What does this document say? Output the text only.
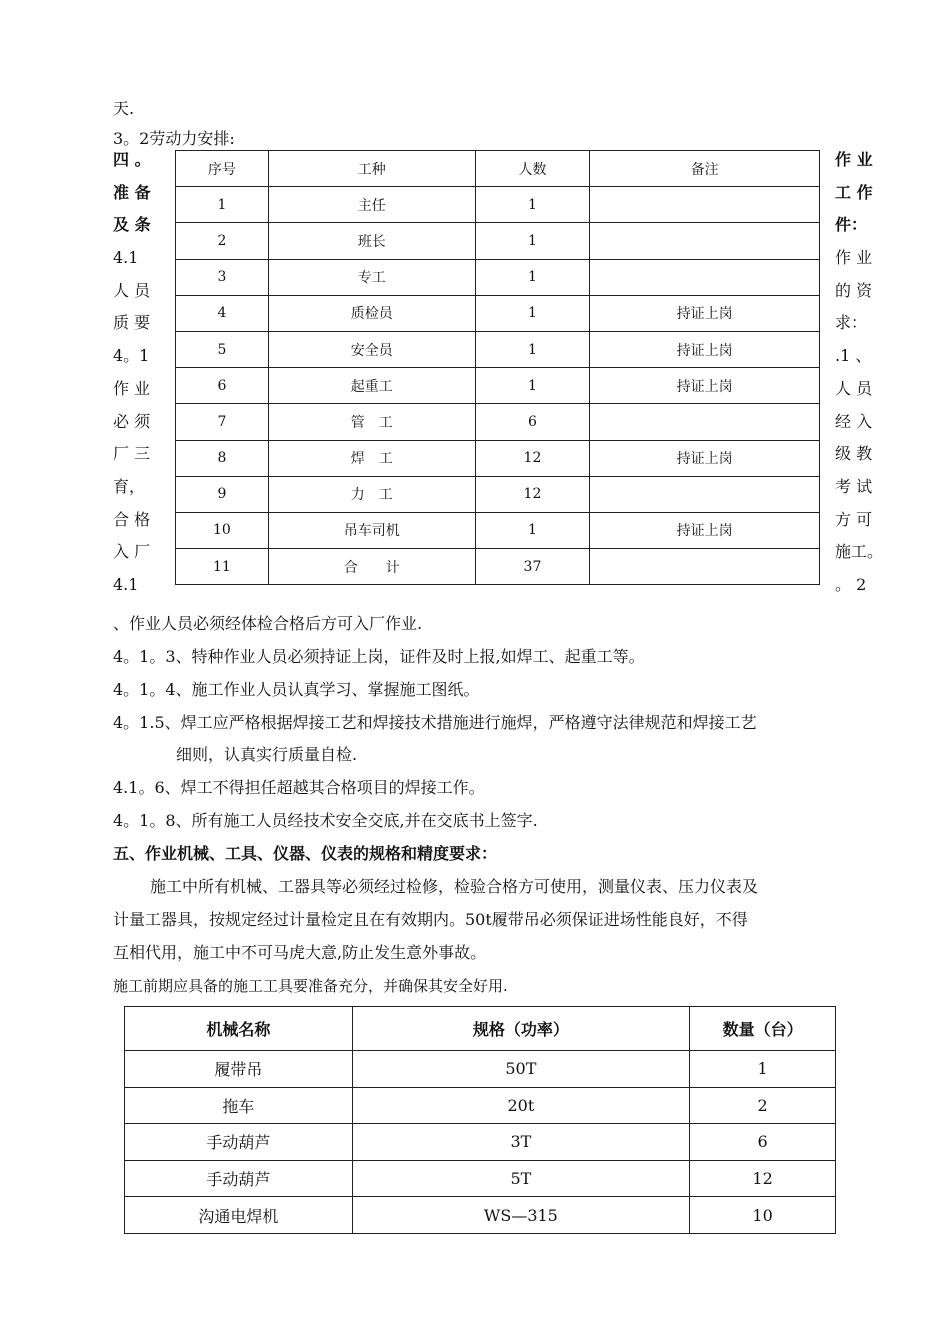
天.
3。2劳动力安排:
四 。
准 备
及 条
4.1
人 员
质 要
4。1
作 业
必 须
厂 三
育，
合 格
入 厂
4.1
作 业
工 作
件：
作 业
的 资
求：
.1 、
人 员
经 入
级 教
考 试
方 可
施工。
。 2
序号	工种	人数	备注
1	主任	1	
2	班长	1	
3	专工	1	
4	质检员	1	持证上岗
5	安全员	1	持证上岗
6	起重工	1	持证上岗
7	管　工	6	
8	焊　工	12	持证上岗
9	力　工	12	
10	吊车司机	1	持证上岗
11	合　　计	37	
、作业人员必须经体检合格后方可入厂作业.
4。1。3、特种作业人员必须持证上岗，证件及时上报,如焊工、起重工等。
4。1。4、施工作业人员认真学习、掌握施工图纸。
4。1.5、焊工应严格根据焊接工艺和焊接技术措施进行施焊，严格遵守法律规范和焊接工艺
细则，认真实行质量自检.
4.1。6、焊工不得担任超越其合格项目的焊接工作。
4。1。8、所有施工人员经技术安全交底,并在交底书上签字.
五、作业机械、工具、仪器、仪表的规格和精度要求：
施工中所有机械、工器具等必须经过检修，检验合格方可使用，测量仪表、压力仪表及
计量工器具，按规定经过计量检定且在有效期内。50t履带吊必须保证进场性能良好，不得
互相代用，施工中不可马虎大意,防止发生意外事故。
施工前期应具备的施工工具要准备充分，并确保其安全好用.
机械名称	规格（功率）	数量（台）
履带吊	50T	1
拖车	20t	2
手动葫芦	3T	6
手动葫芦	5T	12
沟通电焊机	WS—315	10
